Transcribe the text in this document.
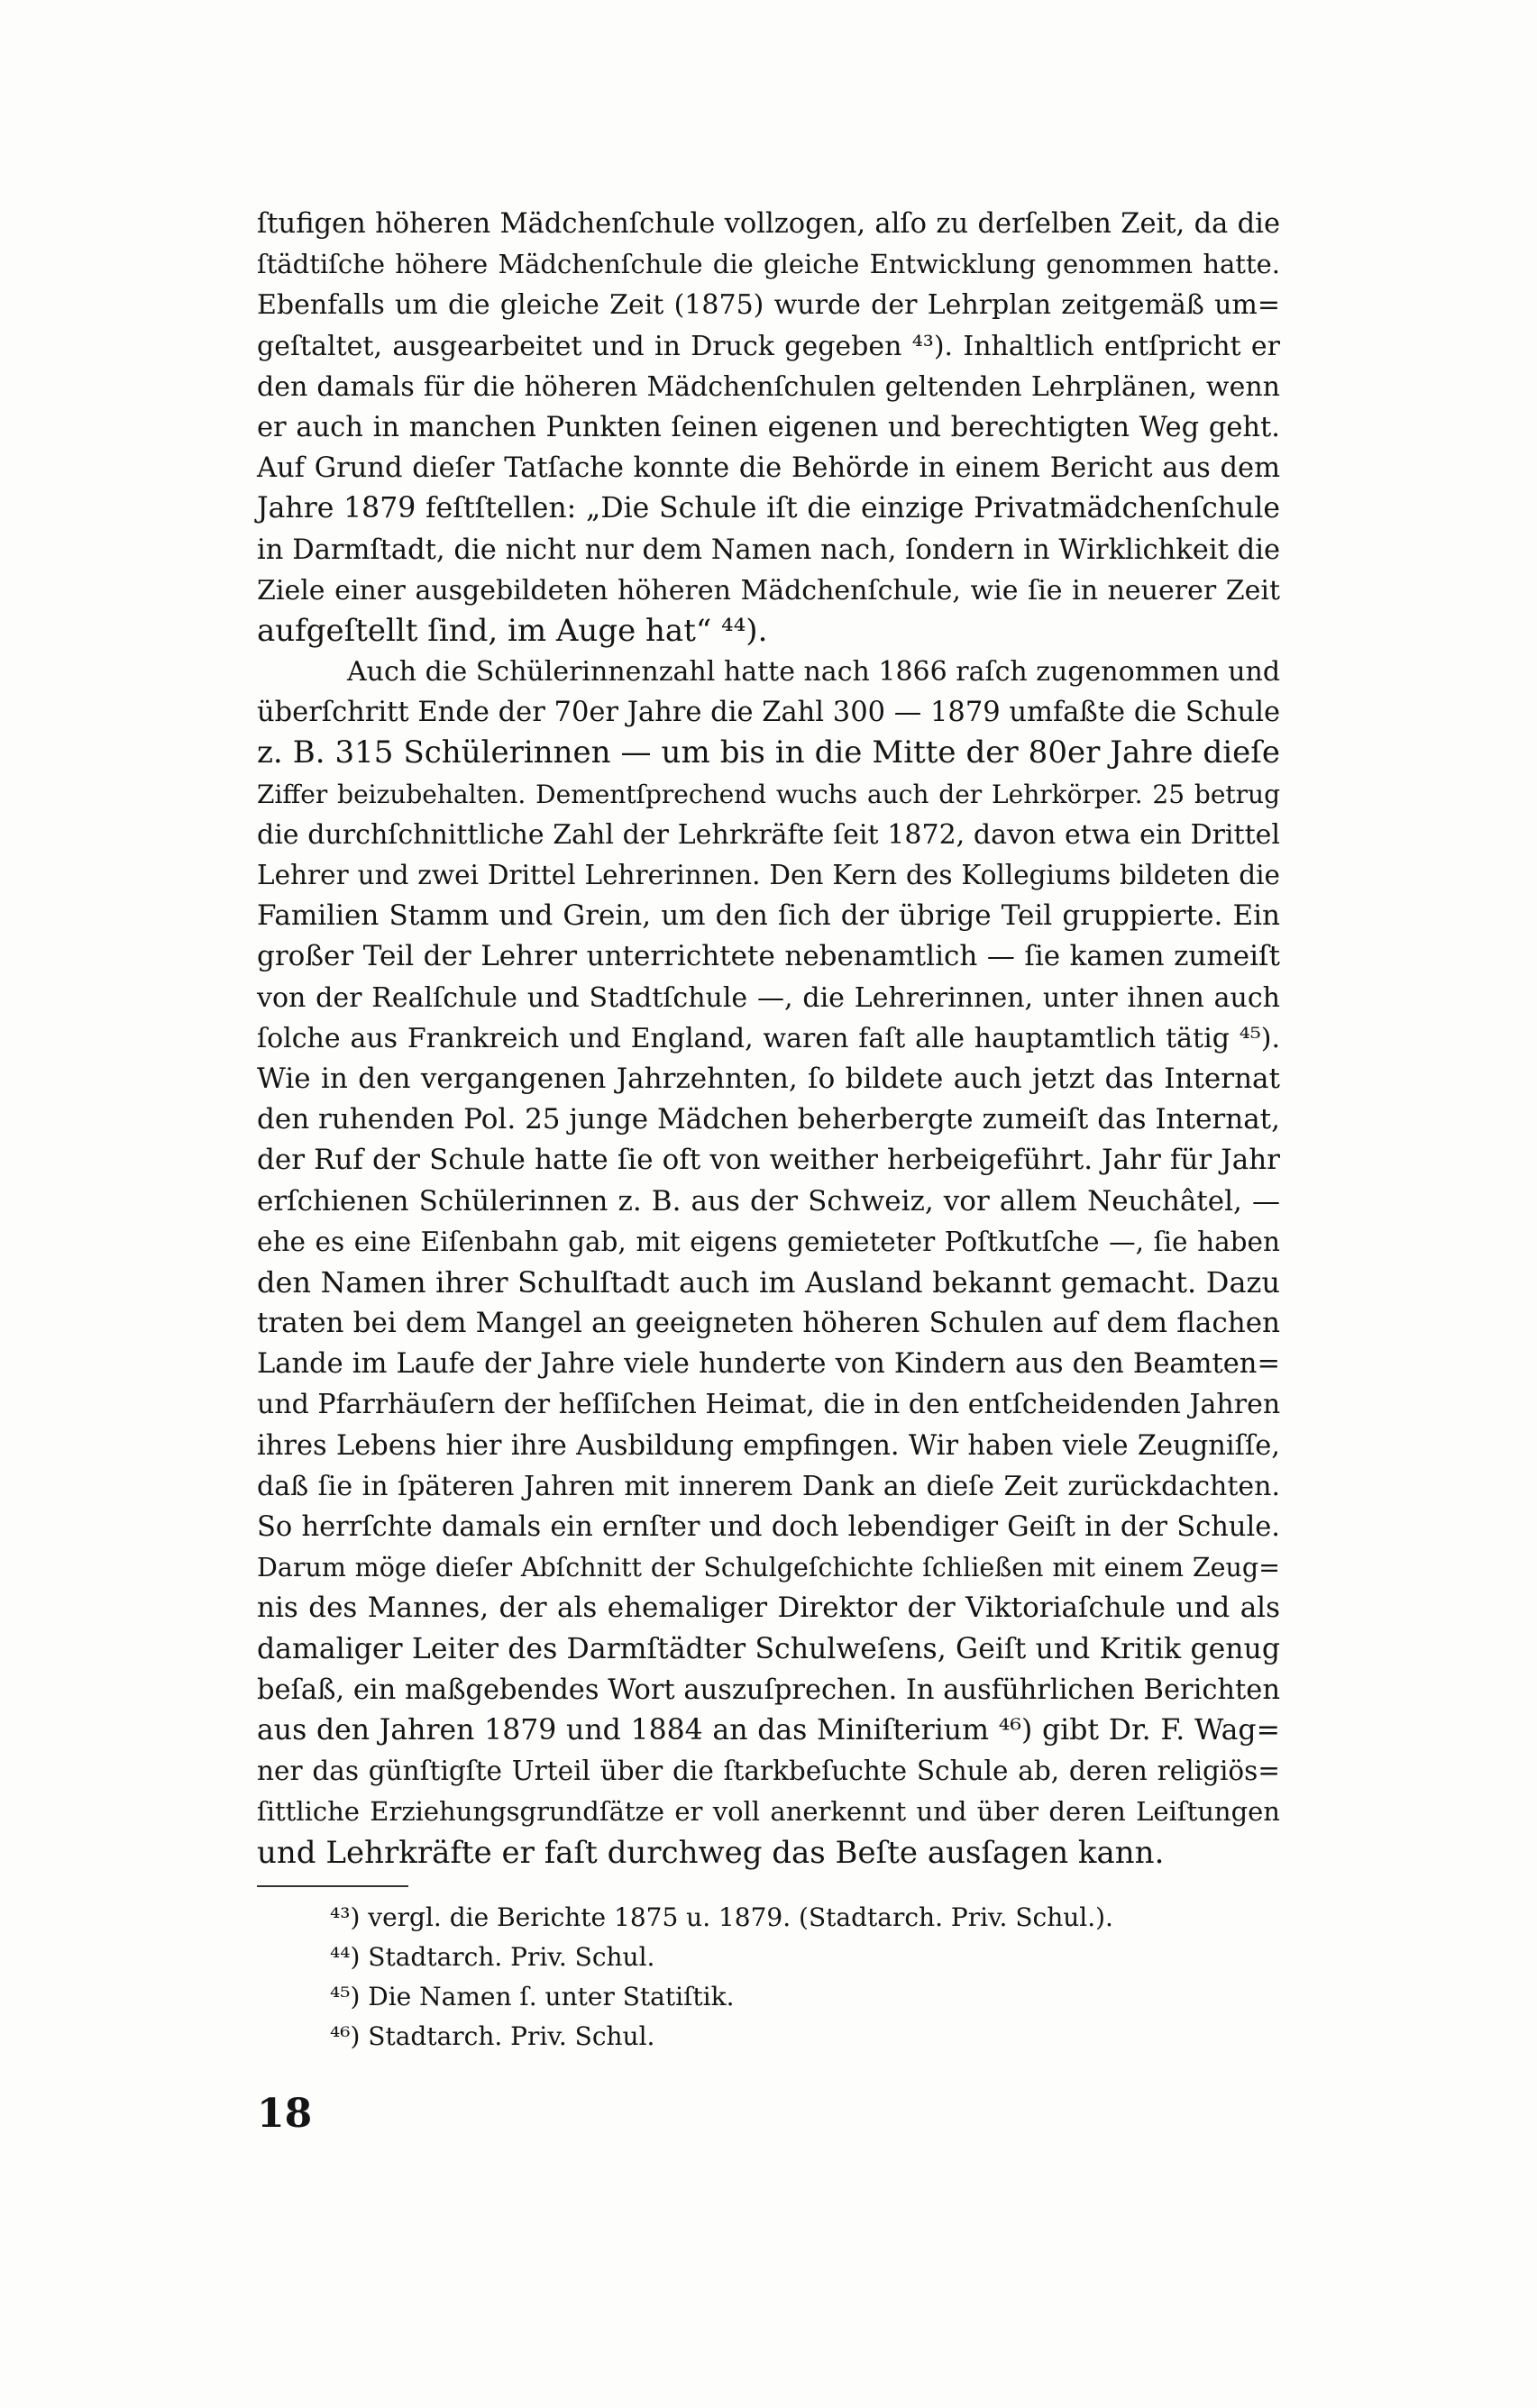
ſtufigen höheren Mädchenſchule vollzogen, alſo zu derſelben Zeit, da die
ſtädtiſche höhere Mädchenſchule die gleiche Entwicklung genommen hatte.
Ebenfalls um die gleiche Zeit (1875) wurde der Lehrplan zeitgemäß um=
geſtaltet, ausgearbeitet und in Druck gegeben ⁴³). Inhaltlich entſpricht er
den damals für die höheren Mädchenſchulen geltenden Lehrplänen, wenn
er auch in manchen Punkten ſeinen eigenen und berechtigten Weg geht.
Auf Grund dieſer Tatſache konnte die Behörde in einem Bericht aus dem
Jahre 1879 feſtſtellen: „Die Schule iſt die einzige Privatmädchenſchule
in Darmſtadt, die nicht nur dem Namen nach, ſondern in Wirklichkeit die
Ziele einer ausgebildeten höheren Mädchenſchule, wie ſie in neuerer Zeit
aufgeſtellt ſind, im Auge hat“ ⁴⁴).
Auch die Schülerinnenzahl hatte nach 1866 raſch zugenommen und
überſchritt Ende der 70er Jahre die Zahl 300 — 1879 umfaßte die Schule
z. B. 315 Schülerinnen — um bis in die Mitte der 80er Jahre dieſe
Ziffer beizubehalten. Dementſprechend wuchs auch der Lehrkörper. 25 betrug
die durchſchnittliche Zahl der Lehrkräfte ſeit 1872, davon etwa ein Drittel
Lehrer und zwei Drittel Lehrerinnen. Den Kern des Kollegiums bildeten die
Familien Stamm und Grein, um den ſich der übrige Teil gruppierte. Ein
großer Teil der Lehrer unterrichtete nebenamtlich — ſie kamen zumeiſt
von der Realſchule und Stadtſchule —, die Lehrerinnen, unter ihnen auch
ſolche aus Frankreich und England, waren faſt alle hauptamtlich tätig ⁴⁵).
Wie in den vergangenen Jahrzehnten, ſo bildete auch jetzt das Internat
den ruhenden Pol. 25 junge Mädchen beherbergte zumeiſt das Internat,
der Ruf der Schule hatte ſie oft von weither herbeigeführt. Jahr für Jahr
erſchienen Schülerinnen z. B. aus der Schweiz, vor allem Neuchâtel, —
ehe es eine Eiſenbahn gab, mit eigens gemieteter Poſtkutſche —, ſie haben
den Namen ihrer Schulſtadt auch im Ausland bekannt gemacht. Dazu
traten bei dem Mangel an geeigneten höheren Schulen auf dem flachen
Lande im Laufe der Jahre viele hunderte von Kindern aus den Beamten=
und Pfarrhäuſern der heſſiſchen Heimat, die in den entſcheidenden Jahren
ihres Lebens hier ihre Ausbildung empfingen. Wir haben viele Zeugniſſe,
daß ſie in ſpäteren Jahren mit innerem Dank an dieſe Zeit zurückdachten.
So herrſchte damals ein ernſter und doch lebendiger Geiſt in der Schule.
Darum möge dieſer Abſchnitt der Schulgeſchichte ſchließen mit einem Zeug=
nis des Mannes, der als ehemaliger Direktor der Viktoriaſchule und als
damaliger Leiter des Darmſtädter Schulweſens, Geiſt und Kritik genug
beſaß, ein maßgebendes Wort auszuſprechen. In ausführlichen Berichten
aus den Jahren 1879 und 1884 an das Miniſterium ⁴⁶) gibt Dr. F. Wag=
ner das günſtigſte Urteil über die ſtarkbeſuchte Schule ab, deren religiös=
ſittliche Erziehungsgrundſätze er voll anerkennt und über deren Leiſtungen
und Lehrkräfte er faſt durchweg das Beſte ausſagen kann.
⁴³) vergl. die Berichte 1875 u. 1879. (Stadtarch. Priv. Schul.).
⁴⁴) Stadtarch. Priv. Schul.
⁴⁵) Die Namen ſ. unter Statiſtik.
⁴⁶) Stadtarch. Priv. Schul.
18
